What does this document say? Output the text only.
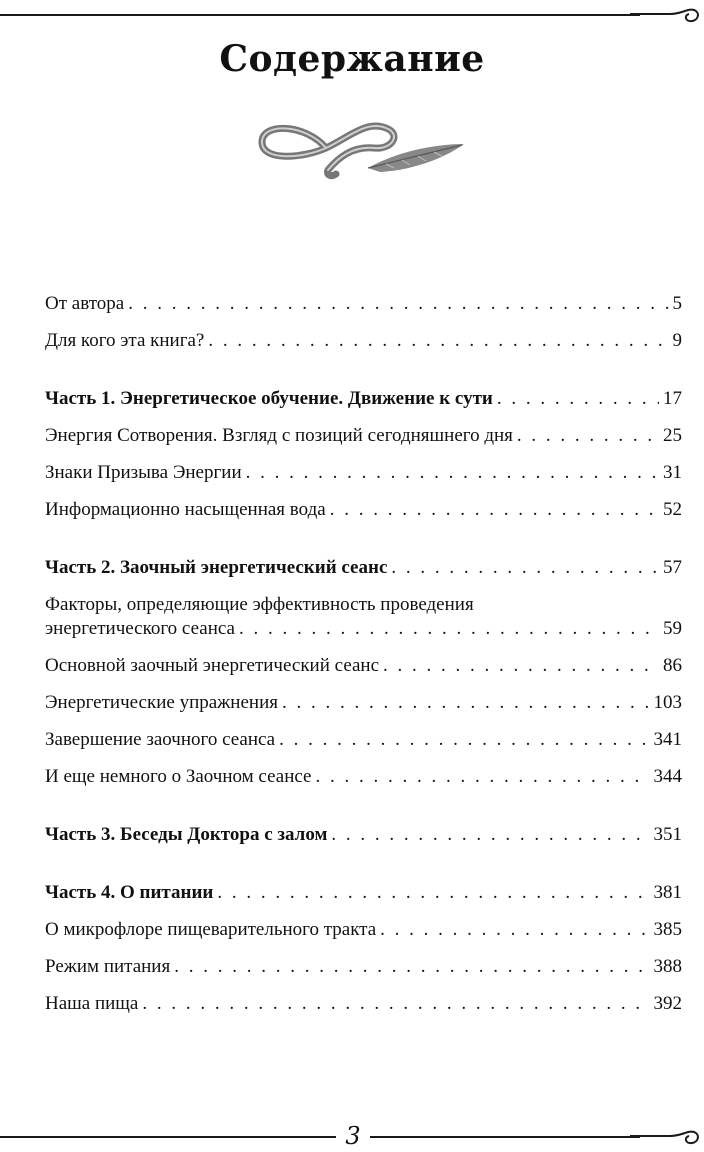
Содержание
От автора . . .	5
Для кого эта книга? . . .	9
Часть 1. Энергетическое обучение. Движение к сути . . .	17
Энергия Сотворения. Взгляд с позиций сегодняшнего дня . . .	25
Знаки Призыва Энергии . . .	31
Информационно насыщенная вода . . .	52
Часть 2. Заочный энергетический сеанс . . .	57
Факторы, определяющие эффективность проведения
энергетического сеанса . . .	59
Основной заочный энергетический сеанс . . .	86
Энергетические упражнения . . .	103
Завершение заочного сеанса . . .	341
И еще немного о Заочном сеансе . . .	344
Часть 3. Беседы Доктора с залом . . .	351
Часть 4. О питании . . .	381
О микрофлоре пищеварительного тракта . . .	385
Режим питания . . .	388
Наша пища . . .	392
3
